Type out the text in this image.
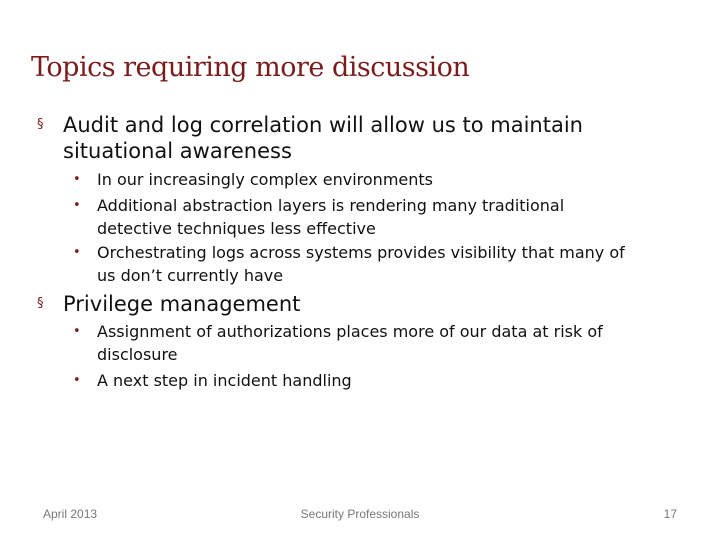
Topics requiring more discussion
§ Audit and log correlation will allow us to maintain situational awareness
• In our increasingly complex environments
• Additional abstraction layers is rendering many traditional detective techniques less effective
• Orchestrating logs across systems provides visibility that many of us don’t currently have
§ Privilege management
• Assignment of authorizations places more of our data at risk of disclosure
• A next step in incident handling
April 2013	Security Professionals	17
